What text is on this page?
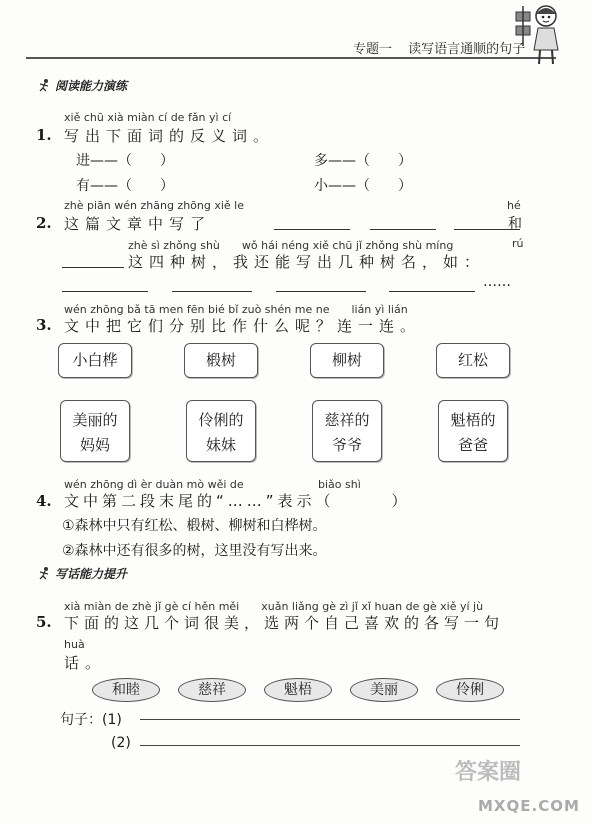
专题一 读写语言通顺的句子
阅读能力演练
xiě chū xià miàn cí de fǎn yì cí
1. 写出下面词的反义词。
进——（　　）	多——（　　）
有——（　　）	小——（　　）
zhè piān wén zhāng zhōng xiě le	hé
2. 这篇文章中写了
	和
zhè sì zhǒng shù　　wǒ hái néng xiě chū jǐ zhǒng shù míng	rú
这四种树，我还能写出几种树名，如：

……
wén zhōng bǎ tā men fēn bié bǐ zuò shén me ne　　lián yì lián
3. 文中把它们分别比作什么呢？连一连。
小白桦	椴树	柳树	红松
美丽的
妈妈
伶俐的
妹妹
慈祥的
爷爷
魁梧的
爸爸
wén zhōng dì èr duàn mò wěi de	biǎo shì
4. 文中第二段末尾的“……”表示（　　　）
①森林中只有红松、椴树、柳树和白桦树。
②森林中还有很多的树，这里没有写出来。
写话能力提升
xià miàn de zhè jǐ gè cí hěn měi　　xuǎn liǎng gè zì jǐ xǐ huan de gè xiě yí jù
5. 下面的这几个词很美，选两个自己喜欢的各写一句
huà
话。
和睦	慈祥	魁梧	美丽	伶俐
句子：(1)
(2)
答案圈
MXQE.COM
